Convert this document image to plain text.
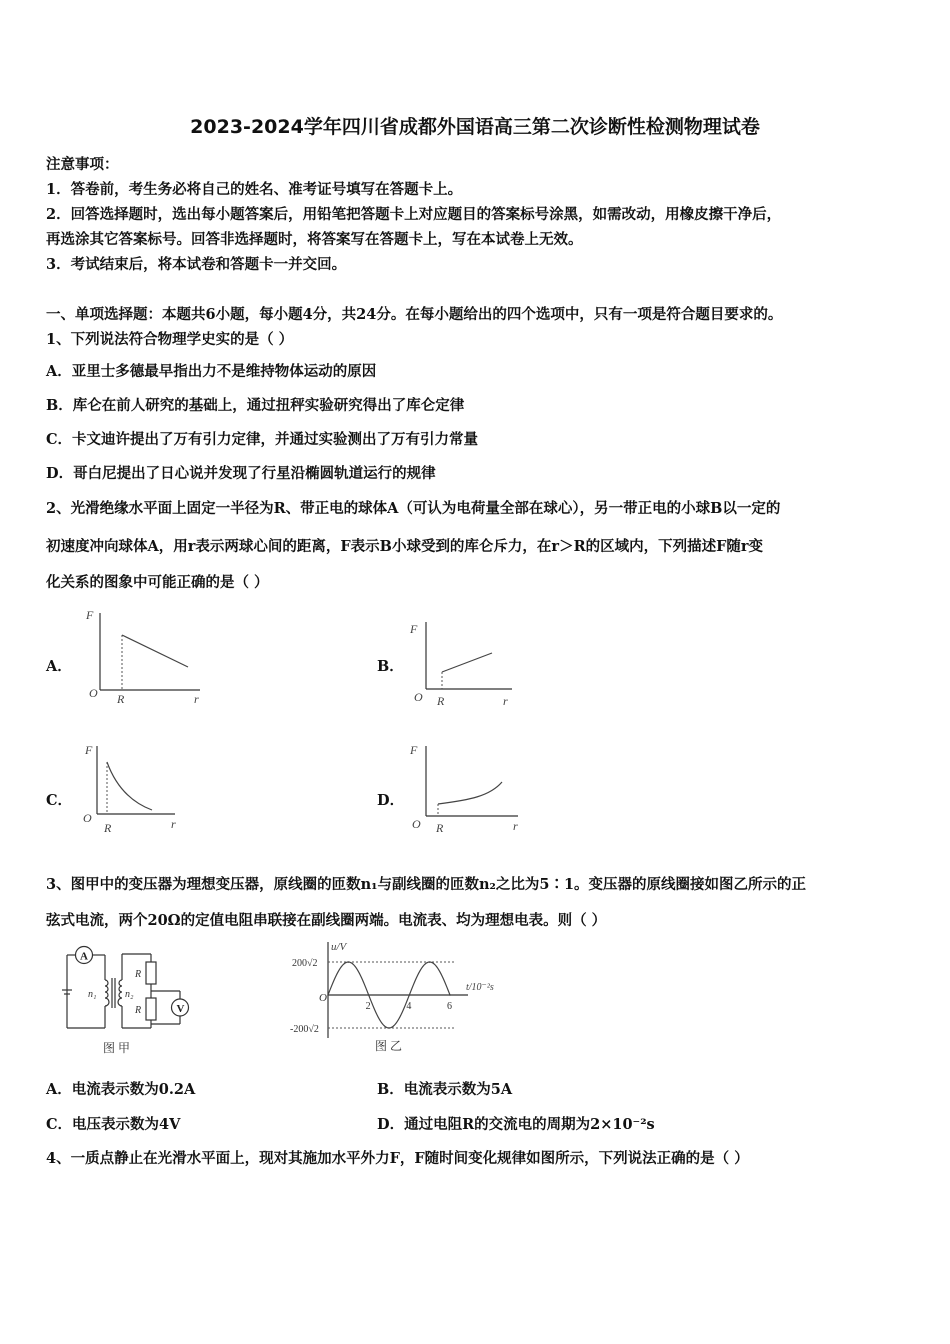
2023-2024学年四川省成都外国语高三第二次诊断性检测物理试卷
注意事项：
1．答卷前，考生务必将自己的姓名、准考证号填写在答题卡上。
2．回答选择题时，选出每小题答案后，用铅笔把答题卡上对应题目的答案标号涂黑，如需改动，用橡皮擦干净后，
再选涂其它答案标号。回答非选择题时，将答案写在答题卡上，写在本试卷上无效。
3．考试结束后，将本试卷和答题卡一并交回。
一、单项选择题：本题共6小题，每小题4分，共24分。在每小题给出的四个选项中，只有一项是符合题目要求的。
1、下列说法符合物理学史实的是（ ）
A．亚里士多德最早指出力不是维持物体运动的原因
B．库仑在前人研究的基础上，通过扭秤实验研究得出了库仑定律
C．卡文迪许提出了万有引力定律，并通过实验测出了万有引力常量
D．哥白尼提出了日心说并发现了行星沿椭圆轨道运行的规律
2、光滑绝缘水平面上固定一半径为R、带正电的球体A（可认为电荷量全部在球心），另一带正电的小球B以一定的
初速度冲向球体A，用r表示两球心间的距离，F表示B小球受到的库仑斥力，在r＞R的区域内，下列描述F随r变
化关系的图象中可能正确的是（ ）
A．
F
O R	r
B．
F
O R	r
C．
F
O
R	r
D．
F
O R	r
3、图甲中的变压器为理想变压器，原线圈的匝数n₁与副线圈的匝数n₂之比为5∶1。变压器的原线圈接如图乙所示的正
弦式电流，两个20Ω的定值电阻串联接在副线圈两端。电流表、均为理想电表。则（ ）
A
n₁	n₂
R
R	V
图 甲
u/V
t/10⁻²s
200√2
-200√2
O
2	4	6
图 乙
A．电流表示数为0.2A	B．电流表示数为5A
C．电压表示数为4V	D．通过电阻R的交流电的周期为2×10⁻²s
4、一质点静止在光滑水平面上，现对其施加水平外力F，F随时间变化规律如图所示，下列说法正确的是（ ）
